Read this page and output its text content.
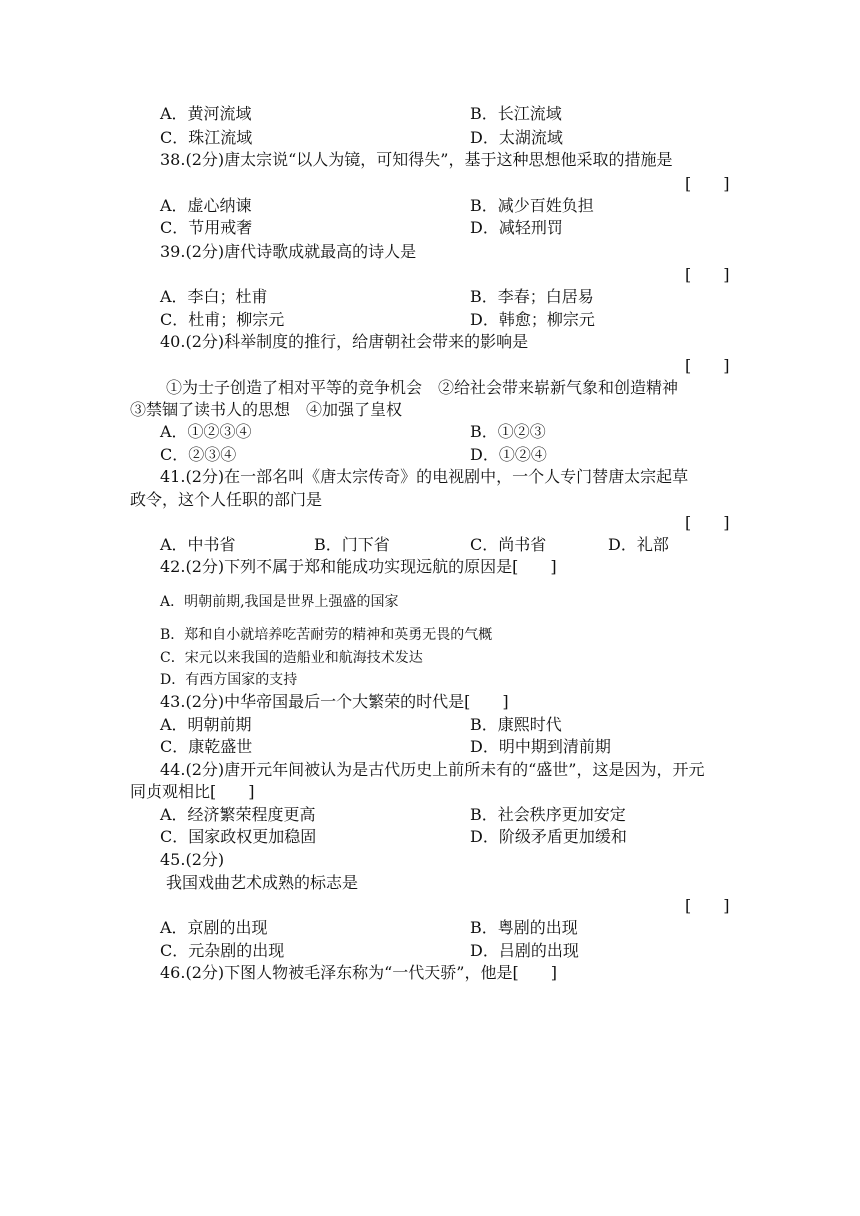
A．黄河流域	B．长江流域
C．珠江流域	D．太湖流域
38.(2分)唐太宗说“以人为镜，可知得失”，基于这种思想他采取的措施是
[　　]
A．虚心纳谏	B．减少百姓负担
C．节用戒奢	D．减轻刑罚
39.(2分)唐代诗歌成就最高的诗人是
[　　]
A．李白；杜甫	B．李春；白居易
C．杜甫；柳宗元	D．韩愈；柳宗元
40.(2分)科举制度的推行，给唐朝社会带来的影响是
[　　]
①为士子创造了相对平等的竞争机会　②给社会带来崭新气象和创造精神
③禁锢了读书人的思想　④加强了皇权
A．①②③④	B．①②③
C．②③④	D．①②④
41.(2分)在一部名叫《唐太宗传奇》的电视剧中，一个人专门替唐太宗起草
政令，这个人任职的部门是
[　　]
A．中书省	B．门下省	C．尚书省	D．礼部
42.(2分)下列不属于郑和能成功实现远航的原因是[　　]
A．明朝前期,我国是世界上强盛的国家
B．郑和自小就培养吃苦耐劳的精神和英勇无畏的气概
C．宋元以来我国的造船业和航海技术发达
D．有西方国家的支持
43.(2分)中华帝国最后一个大繁荣的时代是[　　]
A．明朝前期	B．康熙时代
C．康乾盛世	D．明中期到清前期
44.(2分)唐开元年间被认为是古代历史上前所未有的“盛世”，这是因为，开元
同贞观相比[　　]
A．经济繁荣程度更高	B．社会秩序更加安定
C．国家政权更加稳固	D．阶级矛盾更加缓和
45.(2分)
我国戏曲艺术成熟的标志是
[　　]
A．京剧的出现	B．粤剧的出现
C．元杂剧的出现	D．吕剧的出现
46.(2分)下图人物被毛泽东称为“一代天骄”，他是[　　]
